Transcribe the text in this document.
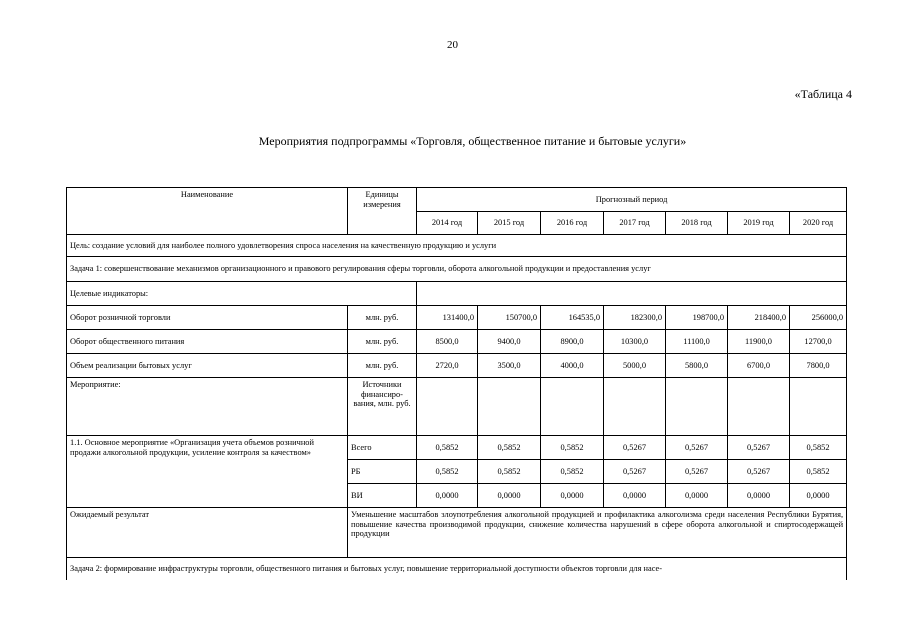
20
«Таблица 4
Мероприятия подпрограммы «Торговля, общественное питание и бытовые услуги»
Наименование	Единицы измерения	Прогнозный период						
		2014 год	2015 год	2016 год	2017 год	2018 год	2019 год	2020 год
Цель: создание условий для наиболее полного удовлетворения спроса населения на качественную продукцию и услуги								
Задача 1: совершенствование механизмов организационного и правового регулирования сферы торговли, оборота алкогольной продукции и предоставления услуг								
Целевые индикаторы:								
Оборот розничной торговли	млн. руб.	131400,0	150700,0	164535,0	182300,0	198700,0	218400,0	256000,0
Оборот общественного питания	млн. руб.	8500,0	9400,0	8900,0	10300,0	11100,0	11900,0	12700,0
Объем реализации бытовых услуг	млн. руб.	2720,0	3500,0	4000,0	5000,0	5800,0	6700,0	7800,0
Мероприятие:	Источники финансиро-вания, млн. руб.							
1.1. Основное мероприятие «Организация учета объемов розничной продажи алкогольной продукции, усиление контроля за качеством»	Всего	0,5852	0,5852	0,5852	0,5267	0,5267	0,5267	0,5852
	РБ	0,5852	0,5852	0,5852	0,5267	0,5267	0,5267	0,5852
	ВИ	0,0000	0,0000	0,0000	0,0000	0,0000	0,0000	0,0000
Ожидаемый результат	Уменьшение масштабов злоупотребления алкогольной продукцией и профилактика алкоголизма среди населения Республики Бурятия, повышение качества производимой продукции, снижение количества нарушений в сфере оборота алкогольной и спиртосодержащей продукции							
Задача 2: формирование инфраструктуры торговли, общественного питания и бытовых услуг, повышение территориальной доступности объектов торговли для насе-								
